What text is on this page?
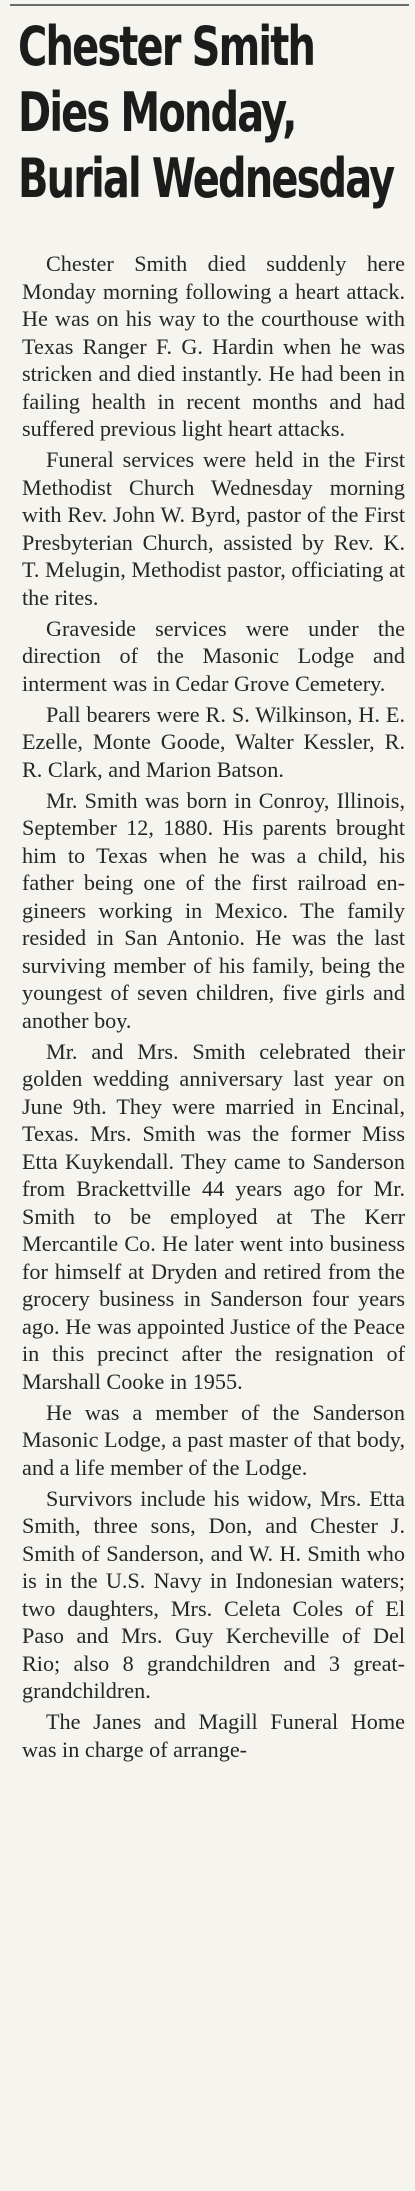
Chester Smith
Dies Monday,
Burial Wednesday

Chester Smith died suddenly here Monday morning following a heart attack. He was on his way to the courthouse with Texas Ranger F. G. Hardin when he was stricken and died instantly. He had been in failing health in recent months and had suffered previous light heart attacks.

Funeral services were held in the First Methodist Church Wednesday morning with Rev. John W. Byrd, pastor of the First Presbyterian Church, assisted by Rev. K. T. Melugin, Methodist pastor, officiating at the rites.

Graveside services were under the direction of the Masonic Lodge and interment was in Cedar Grove Cemetery.

Pall bearers were R. S. Wilkinson, H. E. Ezelle, Monte Goode, Walter Kessler, R. R. Clark, and Marion Batson.

Mr. Smith was born in Conroy, Illinois, September 12, 1880. His parents brought him to Texas when he was a child, his father being one of the first railroad engineers working in Mexico. The family resided in San Antonio. He was the last surviving member of his family, being the youngest of seven children, five girls and another boy.

Mr. and Mrs. Smith celebrated their golden wedding anniversary last year on June 9th. They were married in Encinal, Texas. Mrs. Smith was the former Miss Etta Kuykendall. They came to Sanderson from Brackettville 44 years ago for Mr. Smith to be employed at The Kerr Mercantile Co. He later went into business for himself at Dryden and retired from the grocery business in Sanderson four years ago. He was appointed Justice of the Peace in this precinct after the resignation of Marshall Cooke in 1955.

He was a member of the Sanderson Masonic Lodge, a past master of that body, and a life member of the Lodge.

Survivors include his widow, Mrs. Etta Smith, three sons, Don, and Chester J. Smith of Sanderson, and W. H. Smith who is in the U.S. Navy in Indonesian waters; two daughters, Mrs. Celeta Coles of El Paso and Mrs. Guy Kercheville of Del Rio; also 8 grandchildren and 3 great-grandchildren.

The Janes and Magill Funeral Home was in charge of arrange-
